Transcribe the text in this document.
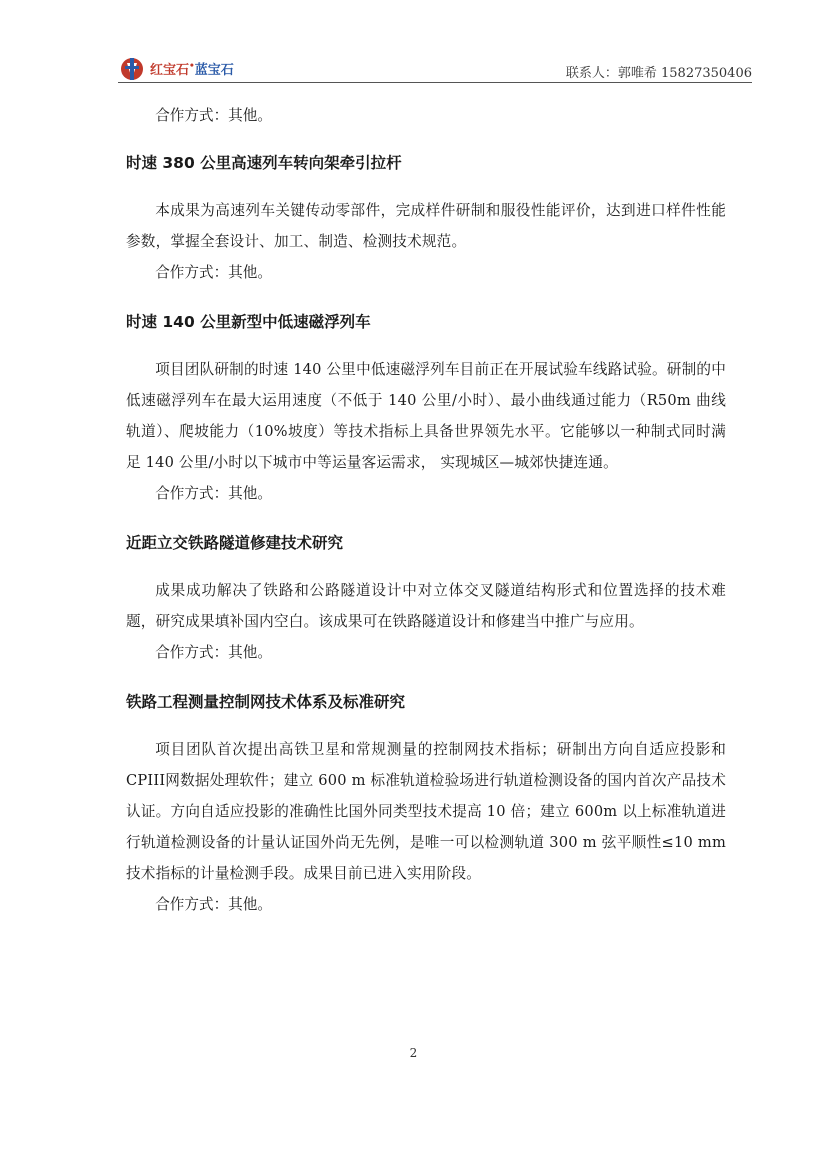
红宝石•蓝宝石	联系人：郭唯希 15827350406

合作方式：其他。

时速 380 公里高速列车转向架牵引拉杆

本成果为高速列车关键传动零部件，完成样件研制和服役性能评价，达到进口样件性能参数，掌握全套设计、加工、制造、检测技术规范。

合作方式：其他。

时速 140 公里新型中低速磁浮列车

项目团队研制的时速 140 公里中低速磁浮列车目前正在开展试验车线路试验。研制的中低速磁浮列车在最大运用速度（不低于 140 公里/小时）、最小曲线通过能力（R50m 曲线轨道）、爬坡能力（10%坡度）等技术指标上具备世界领先水平。它能够以一种制式同时满足 140 公里/小时以下城市中等运量客运需求， 实现城区—城郊快捷连通。

合作方式：其他。

近距立交铁路隧道修建技术研究

成果成功解决了铁路和公路隧道设计中对立体交叉隧道结构形式和位置选择的技术难题，研究成果填补国内空白。该成果可在铁路隧道设计和修建当中推广与应用。

合作方式：其他。

铁路工程测量控制网技术体系及标准研究

项目团队首次提出高铁卫星和常规测量的控制网技术指标；研制出方向自适应投影和 CPIII网数据处理软件；建立 600 m 标准轨道检验场进行轨道检测设备的国内首次产品技术认证。方向自适应投影的准确性比国外同类型技术提高 10 倍；建立 600m 以上标准轨道进行轨道检测设备的计量认证国外尚无先例，是唯一可以检测轨道 300 m 弦平顺性≤10 mm 技术指标的计量检测手段。成果目前已进入实用阶段。

合作方式：其他。

2
